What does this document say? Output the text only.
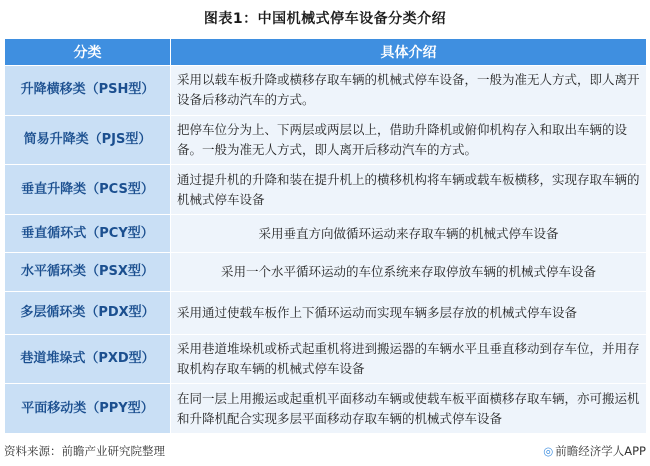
图表1：中国机械式停车设备分类介绍
分类	具体介绍
升降横移类（PSH型）	采用以载车板升降或横移存取车辆的机械式停车设备，一般为准无人方式，即人离开设备后移动汽车的方式。
简易升降类（PJS型）	把停车位分为上、下两层或两层以上，借助升降机或俯仰机构存入和取出车辆的设备。一般为准无人方式，即人离开后移动汽车的方式。
垂直升降类（PCS型）	通过提升机的升降和装在提升机上的横移机构将车辆或载车板横移，实现存取车辆的机械式停车设备
垂直循环式（PCY型）	采用垂直方向做循环运动来存取车辆的机械式停车设备
水平循环类（PSX型）	采用一个水平循环运动的车位系统来存取停放车辆的机械式停车设备
多层循环类（PDX型）	采用通过使载车板作上下循环运动而实现车辆多层存放的机械式停车设备
巷道堆垛式（PXD型）	采用巷道堆垛机或桥式起重机将进到搬运器的车辆水平且垂直移动到存车位，并用存取机构存取车辆的机械式停车设备
平面移动类（PPY型）	在同一层上用搬运或起重机平面移动车辆或使载车板平面横移存取车辆，亦可搬运机和升降机配合实现多层平面移动存取车辆的机械式停车设备
资料来源：前瞻产业研究院整理	◎ 前瞻经济学人APP
